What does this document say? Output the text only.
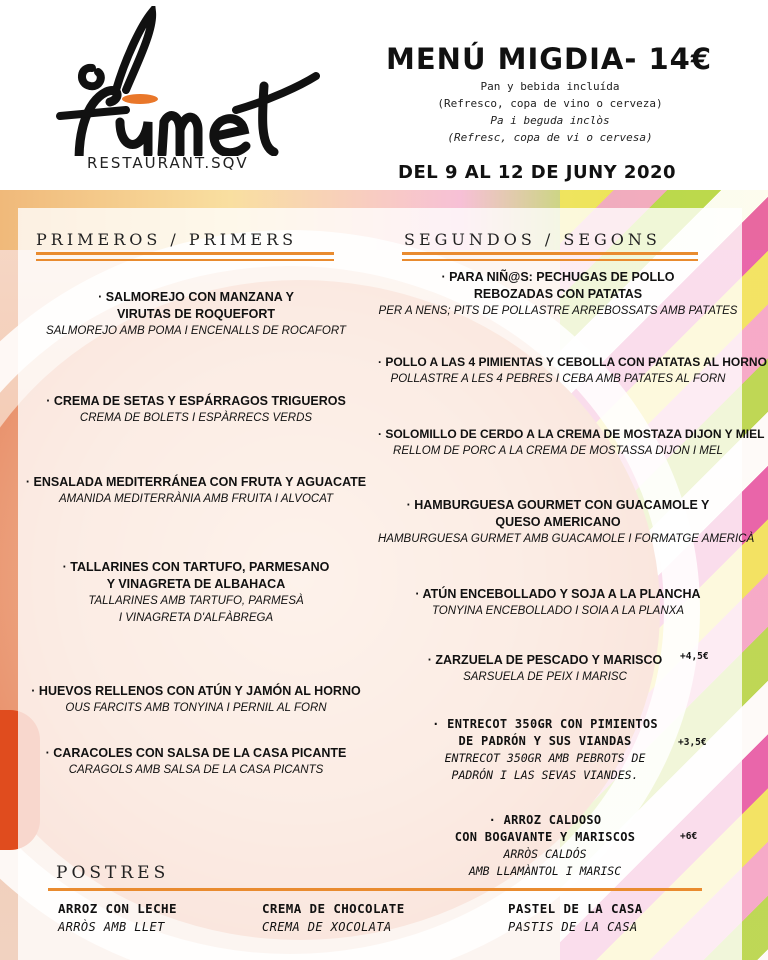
RESTAURANT.SQV
MENÚ MIGDIA- 14€
Pan y bebida incluída
(Refresco, copa de vino o cerveza)
Pa i beguda inclòs
(Refresc, copa de vi o cervesa)
DEL 9 AL 12 DE JUNY 2020
PRIMEROS / PRIMERS	SEGUNDOS / SEGONS
· SALMOREJO CON MANZANA Y
VIRUTAS DE ROQUEFORT
SALMOREJO AMB POMA I ENCENALLS DE ROCAFORT
· CREMA DE SETAS Y ESPÁRRAGOS TRIGUEROS
CREMA DE BOLETS I ESPÀRRECS VERDS
· ENSALADA MEDITERRÁNEA CON FRUTA Y AGUACATE
AMANIDA MEDITERRÀNIA AMB FRUITA I ALVOCAT
· TALLARINES CON TARTUFO, PARMESANO
Y VINAGRETA DE ALBAHACA
TALLARINES AMB TARTUFO, PARMESÀ
I VINAGRETA D'ALFÀBREGA
· HUEVOS RELLENOS CON ATÚN Y JAMÓN AL HORNO
OUS FARCITS AMB TONYINA I PERNIL AL FORN
· CARACOLES CON SALSA DE LA CASA PICANTE
CARAGOLS AMB SALSA DE LA CASA PICANTS
· PARA NIÑ@S: PECHUGAS DE POLLO
REBOZADAS CON PATATAS
PER A NENS; PITS DE POLLASTRE ARREBOSSATS AMB PATATES
· POLLO A LAS 4 PIMIENTAS Y CEBOLLA CON PATATAS AL HORNO
POLLASTRE A LES 4 PEBRES I CEBA AMB PATATES AL FORN
· SOLOMILLO DE CERDO A LA CREMA DE MOSTAZA DIJON Y MIEL
RELLOM DE PORC A LA CREMA DE MOSTASSA DIJON I MEL
· HAMBURGUESA GOURMET CON GUACAMOLE Y
QUESO AMERICANO
HAMBURGUESA GURMET AMB GUACAMOLE I FORMATGE AMERICÀ
· ATÚN ENCEBOLLADO Y SOJA A LA PLANCHA
TONYINA ENCEBOLLADO I SOIA A LA PLANXA
· ZARZUELA DE PESCADO Y MARISCO
SARSUELA DE PEIX I MARISC
+4,5€
· ENTRECOT 350GR CON PIMIENTOS
DE PADRÓN Y SUS VIANDAS
ENTRECOT 350GR AMB PEBROTS DE
PADRÓN I LAS SEVAS VIANDES.
+3,5€
· ARROZ CALDOSO
CON BOGAVANTE Y MARISCOS
ARRÒS CALDÓS
AMB LLAMÀNTOL I MARISC
+6€
POSTRES
ARROZ CON LECHE
ARRÒS AMB LLET
CREMA DE CHOCOLATE
CREMA DE XOCOLATA
PASTEL DE LA CASA
PASTIS DE LA CASA
